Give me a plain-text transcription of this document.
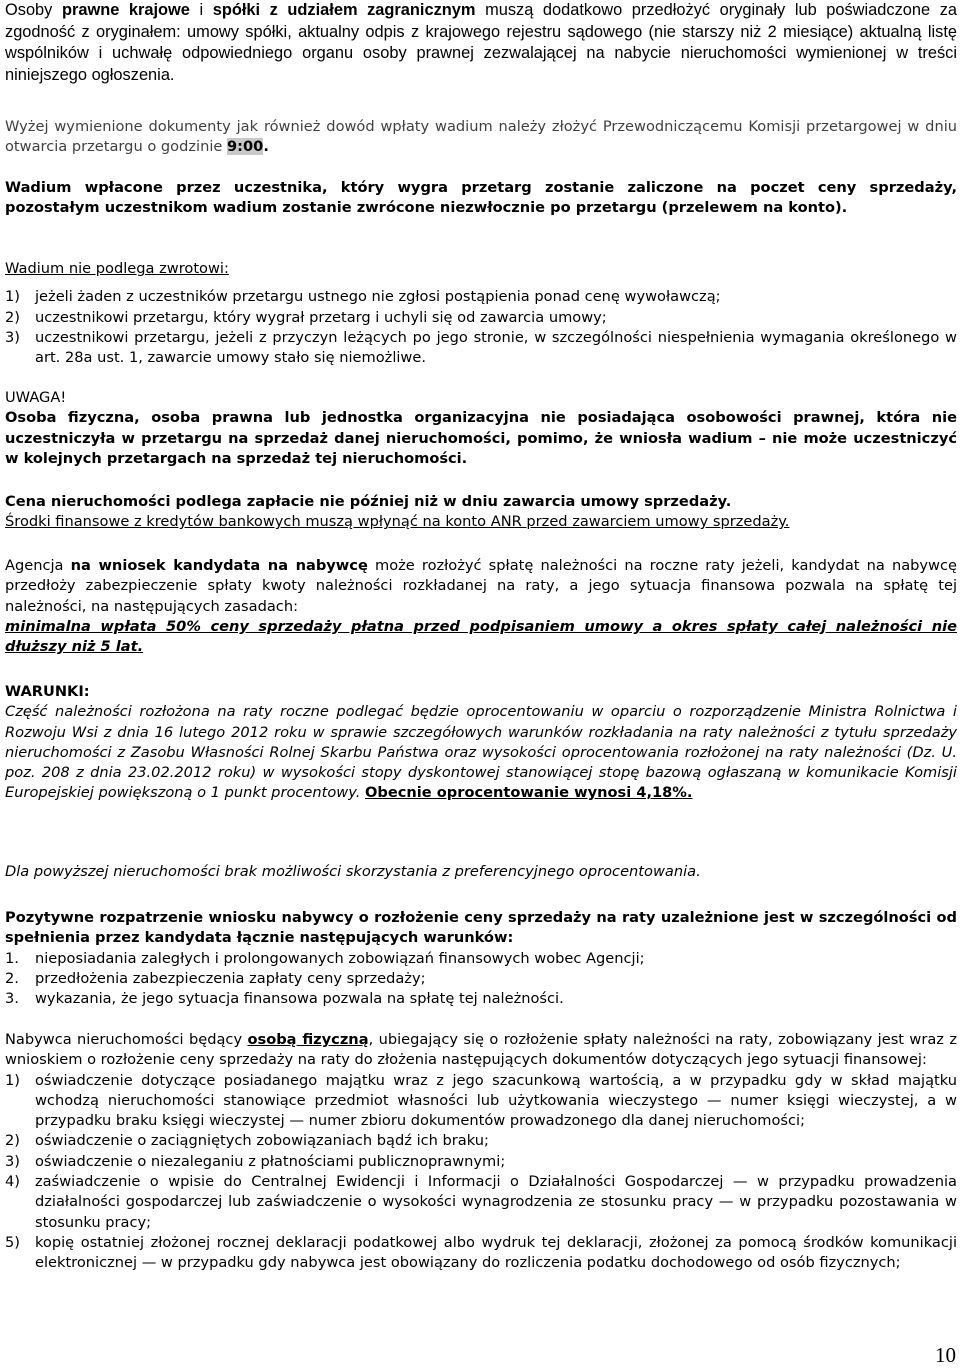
Osoby prawne krajowe i spółki z udziałem zagranicznym muszą dodatkowo przedłożyć oryginały lub poświadczone za zgodność z oryginałem: umowy spółki, aktualny odpis z krajowego rejestru sądowego (nie starszy niż 2 miesiące) aktualną listę wspólników i uchwałę odpowiedniego organu osoby prawnej zezwalającej na nabycie nieruchomości wymienionej w treści niniejszego ogłoszenia.
Wyżej wymienione dokumenty jak również dowód wpłaty wadium należy złożyć Przewodniczącemu Komisji przetargowej w dniu otwarcia przetargu o godzinie 9:00.
Wadium wpłacone przez uczestnika, który wygra przetarg zostanie zaliczone na poczet ceny sprzedaży, pozostałym uczestnikom wadium zostanie zwrócone niezwłocznie po przetargu (przelewem na konto).

Wadium nie podlega zwrotowi:

1) jeżeli żaden z uczestników przetargu ustnego nie zgłosi postąpienia ponad cenę wywoławczą;
2) uczestnikowi przetargu, który wygrał przetarg i uchyli się od zawarcia umowy;
3) uczestnikowi przetargu, jeżeli z przyczyn leżących po jego stronie, w szczególności niespełnienia wymagania określonego w art. 28a ust. 1, zawarcie umowy stało się niemożliwe.

UWAGA!

Osoba fizyczna, osoba prawna lub jednostka organizacyjna nie posiadająca osobowości prawnej, która nie uczestniczyła w przetargu na sprzedaż danej nieruchomości, pomimo, że wniosła wadium – nie może uczestniczyć w kolejnych przetargach na sprzedaż tej nieruchomości.

Cena nieruchomości podlega zapłacie nie później niż w dniu zawarcia umowy sprzedaży.

Środki finansowe z kredytów bankowych muszą wpłynąć na konto ANR przed zawarciem umowy sprzedaży.

Agencja na wniosek kandydata na nabywcę może rozłożyć spłatę należności na roczne raty jeżeli, kandydat na nabywcę przedłoży zabezpieczenie spłaty kwoty należności rozkładanej na raty, a jego sytuacja finansowa pozwala na spłatę tej należności, na następujących zasadach:

minimalna wpłata 50% ceny sprzedaży płatna przed podpisaniem umowy a okres spłaty całej należności nie dłuższy niż 5 lat.

WARUNKI:

Część należności rozłożona na raty roczne podlegać będzie oprocentowaniu w oparciu o rozporządzenie Ministra Rolnictwa i Rozwoju Wsi z dnia 16 lutego 2012 roku w sprawie szczegółowych warunków rozkładania na raty należności z tytułu sprzedaży nieruchomości z Zasobu Własności Rolnej Skarbu Państwa oraz wysokości oprocentowania rozłożonej na raty należności (Dz. U. poz. 208 z dnia 23.02.2012 roku) w wysokości stopy dyskontowej stanowiącej stopę bazową ogłaszaną w komunikacie Komisji Europejskiej powiększoną o 1 punkt procentowy. Obecnie oprocentowanie wynosi 4,18%.

Dla powyższej nieruchomości brak możliwości skorzystania z preferencyjnego oprocentowania.

Pozytywne rozpatrzenie wniosku nabywcy o rozłożenie ceny sprzedaży na raty uzależnione jest w szczególności od spełnienia przez kandydata łącznie następujących warunków:

1. nieposiadania zaległych i prolongowanych zobowiązań finansowych wobec Agencji;
2. przedłożenia zabezpieczenia zapłaty ceny sprzedaży;
3. wykazania, że jego sytuacja finansowa pozwala na spłatę tej należności.

Nabywca nieruchomości będący osobą fizyczną, ubiegający się o rozłożenie spłaty należności na raty, zobowiązany jest wraz z wnioskiem o rozłożenie ceny sprzedaży na raty do złożenia następujących dokumentów dotyczących jego sytuacji finansowej:

1) oświadczenie dotyczące posiadanego majątku wraz z jego szacunkową wartością, a w przypadku gdy w skład majątku wchodzą nieruchomości stanowiące przedmiot własności lub użytkowania wieczystego — numer księgi wieczystej, a w przypadku braku księgi wieczystej — numer zbioru dokumentów prowadzonego dla danej nieruchomości;
2) oświadczenie o zaciągniętych zobowiązaniach bądź ich braku;
3) oświadczenie o niezaleganiu z płatnościami publicznoprawnymi;
4) zaświadczenie o wpisie do Centralnej Ewidencji i Informacji o Działalności Gospodarczej — w przypadku prowadzenia działalności gospodarczej lub zaświadczenie o wysokości wynagrodzenia ze stosunku pracy — w przypadku pozostawania w stosunku pracy;
5) kopię ostatniej złożonej rocznej deklaracji podatkowej albo wydruk tej deklaracji, złożonej za pomocą środków komunikacji elektronicznej — w przypadku gdy nabywca jest obowiązany do rozliczenia podatku dochodowego od osób fizycznych;
10
